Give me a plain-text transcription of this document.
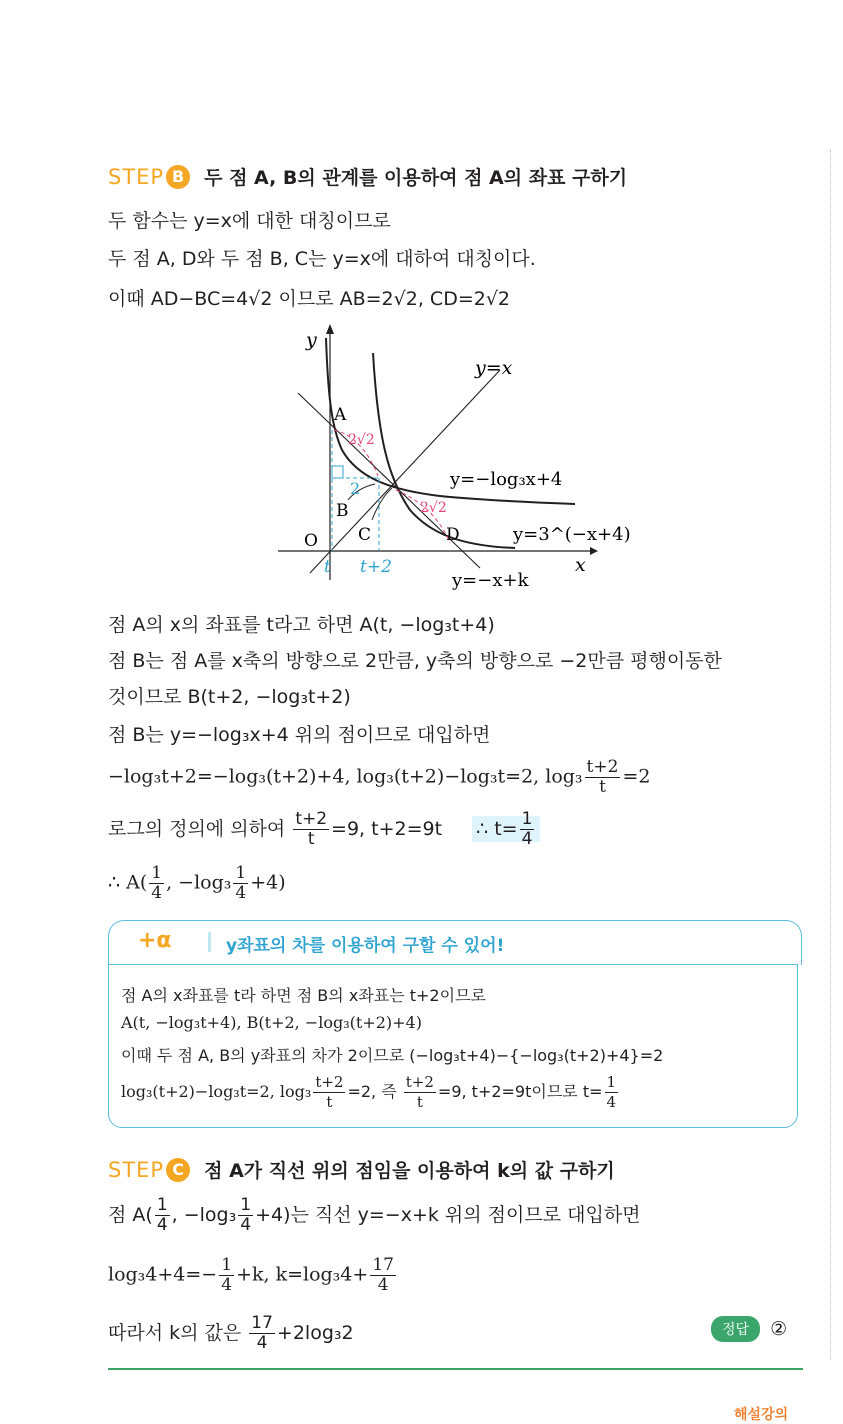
STEP B	두 점 A, B의 관계를 이용하여 점 A의 좌표 구하기
두 함수는 y=x에 대한 대칭이므로
두 점 A, D와 두 점 B, C는 y=x에 대하여 대칭이다.
이때 AD−BC=4√2 이므로 AB=2√2, CD=2√2
y
x
O
y=x
y=−log₃x+4
y=3^(−x+4)
y=−x+k
A
B
C	D
2√2
2√2
2
t t+2
점 A의 x의 좌표를 t라고 하면 A(t, −log₃t+4)
점 B는 점 A를 x축의 방향으로 2만큼, y축의 방향으로 −2만큼 평행이동한
것이므로 B(t+2, −log₃t+2)
점 B는 y=−log₃x+4 위의 점이므로 대입하면
−log₃t+2=−log₃(t+2)+4, log₃(t+2)−log₃t=2, $\log_3 \frac{t+2}{t} =2$
로그의 정의에 의하여 $\frac{t+2}{t} =9$, t+2=9t ∴ $t= \frac{1}{4}$
∴ $A( \frac{1}{4}$ , $-\log_3 \frac{1}{4} +4$)
+α	y좌표의 차를 이용하여 구할 수 있어!
점 A의 x좌표를 t라 하면 점 B의 x좌표는 t+2이므로
A(t, −log₃t+4), B(t+2, −log₃(t+2)+4)
이때 두 점 A, B의 y좌표의 차가 2이므로 (−log₃t+4)−{−log₃(t+2)+4}=2
log₃(t+2)−log₃t=2, $\log_3 \frac{t+2}{t} =2$, 즉 $\frac{t+2}{t} =9$, t+2=9t이므로 $t= \frac{1}{4}$
STEP C	점 A가 직선 위의 점임을 이용하여 k의 값 구하기
점 $A( \frac{1}{4}$ , $-\log_3 \frac{1}{4} +4$)는 직선 y=−x+k 위의 점이므로 대입하면
$\log_34+4=- \frac{1}{4} +k$, $k=\log_34+ \frac{17}{4}$
따라서 k의 값은 $\frac{17}{4} +2\log_32$	정답 ②
해설강의
